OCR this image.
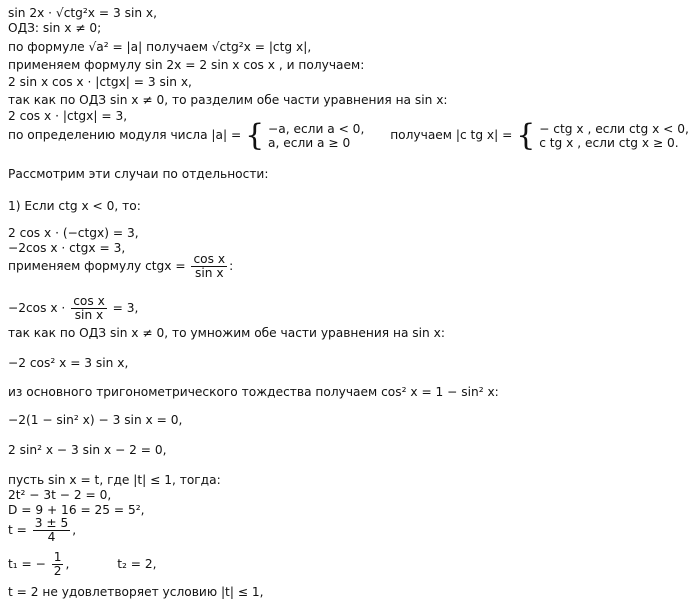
sin 2x · √ctg²x = 3 sin x,
ОДЗ: sin x ≠ 0;
по формуле √a² = |a| получаем √ctg²x = |ctg x|,
применяем формулу sin 2x = 2 sin x cos x , и получаем:
2 sin x cos x · |ctgx| = 3 sin x,
так как по ОДЗ sin x ≠ 0, то разделим обе части уравнения на sin x:
2 cos x · |ctgx| = 3,
по определению модуля числа |a| = { −a, если a < 0,
a, если a ≥ 0
получаем |c tg x| = { − ctg x , если ctg x < 0,
c tg x , если ctg x ≥ 0.
Рассмотрим эти случаи по отдельности:
1) Если ctg x < 0, то:
2 cos x · (−ctgx) = 3,
−2cos x · ctgx = 3,
применяем формулу ctgx = $\frac{\text{cos x}}{\text{sin x}}$ :
−2cos $x \cdot \frac{\text{cos x}}{\text{sin x}} = 3$,
так как по ОДЗ sin x ≠ 0, то умножим обе части уравнения на sin x:
−2 cos² x = 3 sin x,
из основного тригонометрического тождества получаем cos² x = 1 − sin² x:
−2(1 − sin² x) − 3 sin x = 0,
2 sin² x − 3 sin x − 2 = 0,
пусть sin x = t, где |t| ≤ 1, тогда:
2t² − 3t − 2 = 0,
D = 9 + 16 = 25 = 5²,
$t = \frac{3 \pm 5}{4}$ ,
t₁ = − $\frac{1}{2}$ ,	t₂ = 2,
t = 2 не удовлетворяет условию |t| ≤ 1,
